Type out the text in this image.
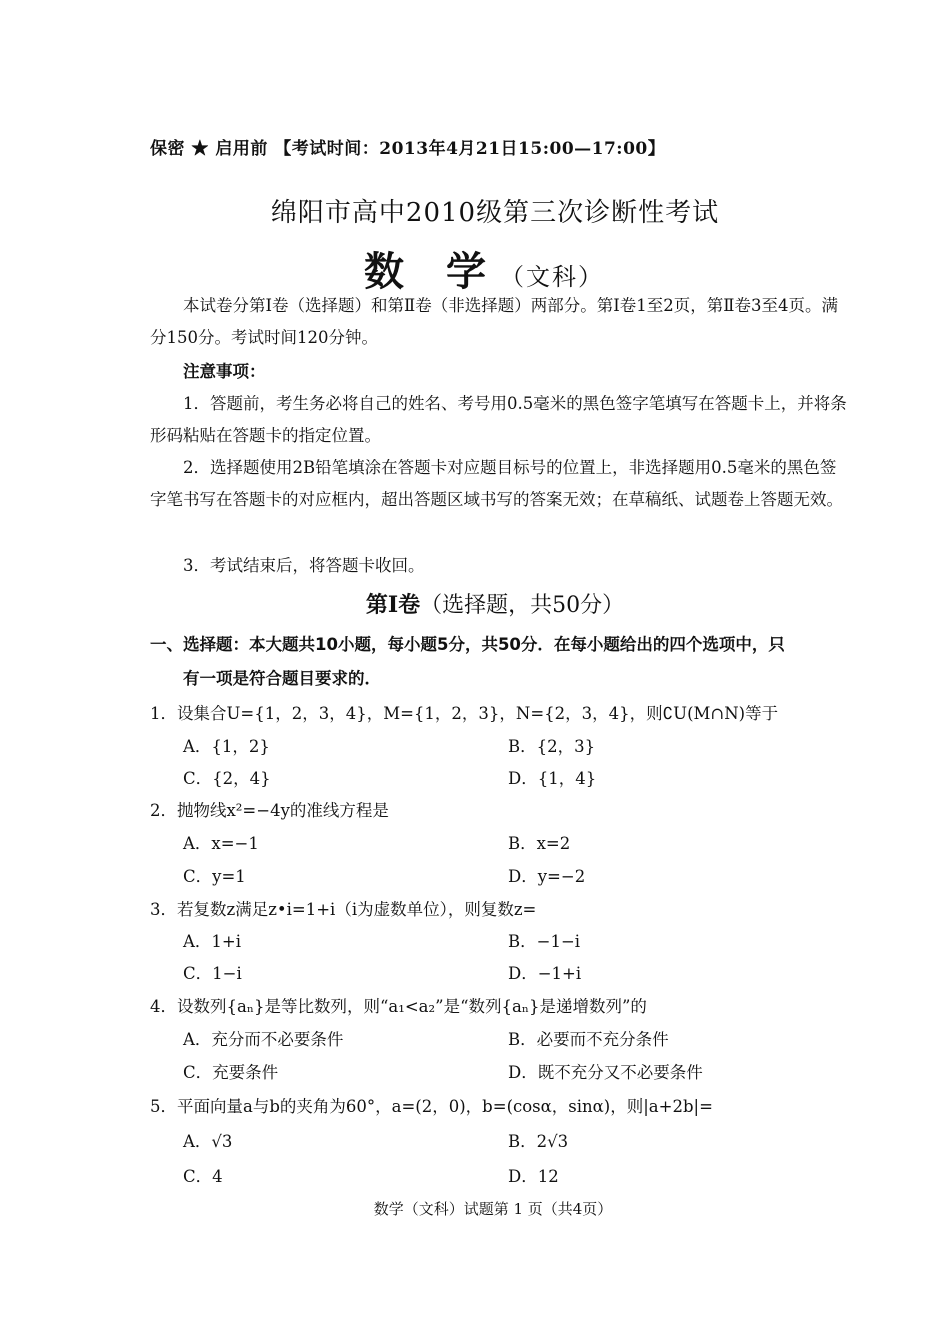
保密 ★ 启用前 【考试时间：2013年4月21日15:00—17:00】
绵阳市高中2010级第三次诊断性考试
数 学（文科）
本试卷分第Ⅰ卷（选择题）和第Ⅱ卷（非选择题）两部分。第Ⅰ卷1至2页，第Ⅱ卷3至4页。满分150分。考试时间120分钟。
注意事项：
1．答题前，考生务必将自己的姓名、考号用0.5毫米的黑色签字笔填写在答题卡上，并将条形码粘贴在答题卡的指定位置。
2．选择题使用2B铅笔填涂在答题卡对应题目标号的位置上，非选择题用0.5毫米的黑色签字笔书写在答题卡的对应框内，超出答题区域书写的答案无效；在草稿纸、试题卷上答题无效。
3．考试结束后，将答题卡收回。
第Ⅰ卷（选择题，共50分）
一、选择题：本大题共10小题，每小题5分，共50分．在每小题给出的四个选项中，只
有一项是符合题目要求的．
1．设集合U={1，2，3，4}，M={1，2，3}，N={2，3，4}，则∁U(M∩N)等于
A．{1，2}	B．{2，3}
C．{2，4}	D．{1，4}
2．抛物线x²=−4y的准线方程是
A．x=−1	B．x=2
C．y=1	D．y=−2
3．若复数z满足z•i=1+i（i为虚数单位），则复数z=
A．1+i	B．−1−i
C．1−i	D．−1+i
4．设数列{aₙ}是等比数列，则“a₁<a₂”是“数列{aₙ}是递增数列”的
A．充分而不必要条件	B．必要而不充分条件
C．充要条件	D．既不充分又不必要条件
5．平面向量a与b的夹角为60°，a=(2，0)，b=(cosα，sinα)，则|a+2b|=
A．√3	B．2√3
C．4	D．12
数学（文科）试题第 1 页（共4页）
